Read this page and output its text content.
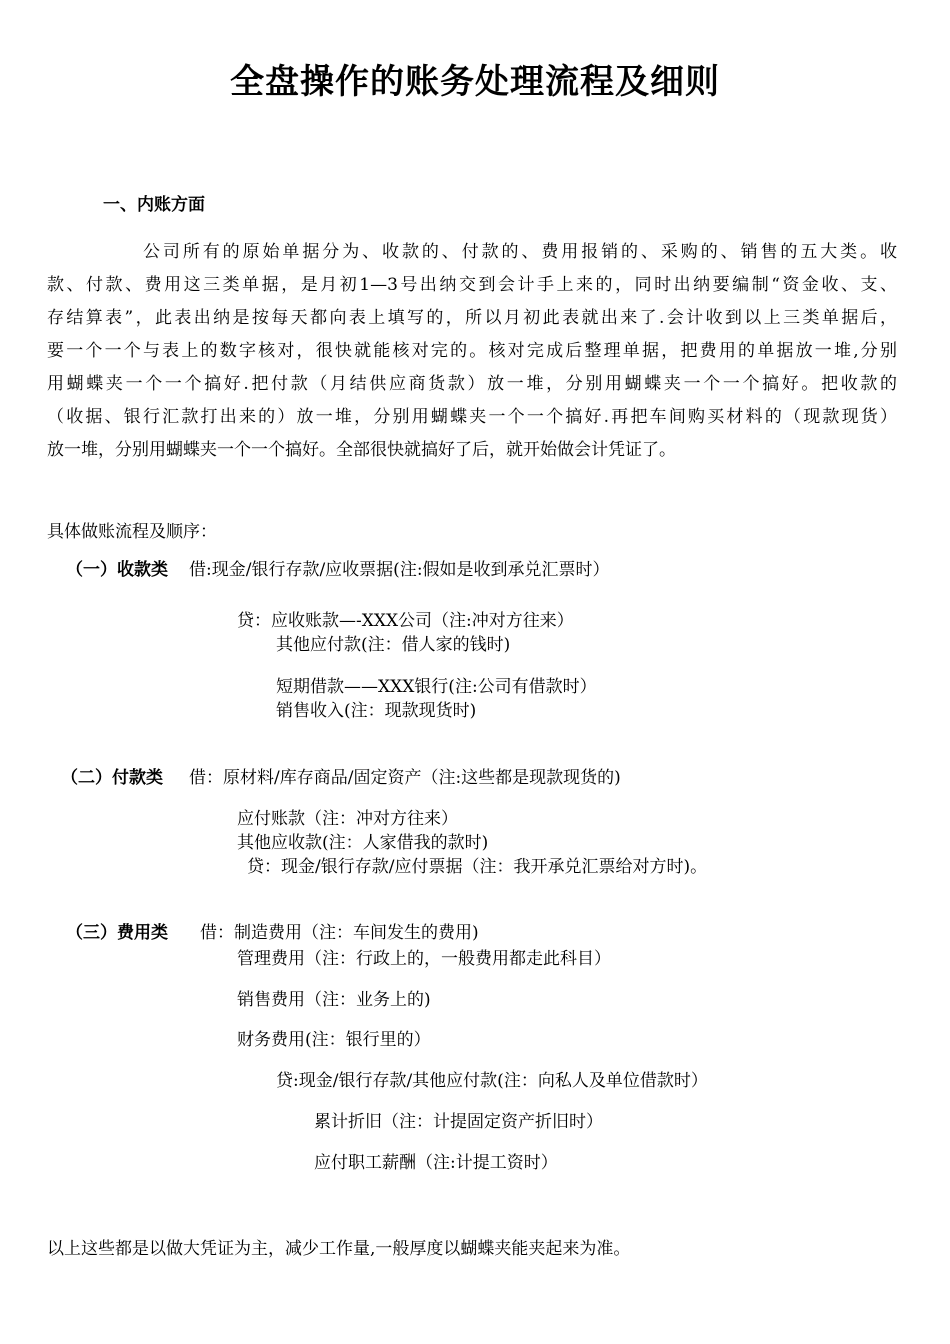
全盘操作的账务处理流程及细则
一、内账方面
公司所有的原始单据分为、收款的、付款的、费用报销的、采购的、销售的五大类。收
款、付款、费用这三类单据，是月初1—3号出纳交到会计手上来的，同时出纳要编制“资金收、支、
存结算表”，此表出纳是按每天都向表上填写的，所以月初此表就出来了.会计收到以上三类单据后，
要一个一个与表上的数字核对，很快就能核对完的。核对完成后整理单据，把费用的单据放一堆,分别
用蝴蝶夹一个一个搞好.把付款（月结供应商货款）放一堆，分别用蝴蝶夹一个一个搞好。把收款的
（收据、银行汇款打出来的）放一堆，分别用蝴蝶夹一个一个搞好.再把车间购买材料的（现款现货）
放一堆，分别用蝴蝶夹一个一个搞好。全部很快就搞好了后，就开始做会计凭证了。
具体做账流程及顺序：
（一）收款类 借:现金/银行存款/应收票据(注:假如是收到承兑汇票时）
贷：应收账款—-XXX公司（注:冲对方往来）
其他应付款(注：借人家的钱时)
短期借款——XXX银行(注:公司有借款时）
销售收入(注：现款现货时)
（二）付款类 借：原材料/库存商品/固定资产（注:这些都是现款现货的)
应付账款（注：冲对方往来）
其他应收款(注：人家借我的款时)
贷：现金/银行存款/应付票据（注：我开承兑汇票给对方时)。
（三）费用类 借：制造费用（注：车间发生的费用)
管理费用（注：行政上的，一般费用都走此科目）
销售费用（注：业务上的)
财务费用(注：银行里的）
贷:现金/银行存款/其他应付款(注：向私人及单位借款时）
累计折旧（注：计提固定资产折旧时）
应付职工薪酬（注:计提工资时）
以上这些都是以做大凭证为主，减少工作量,一般厚度以蝴蝶夹能夹起来为准。
